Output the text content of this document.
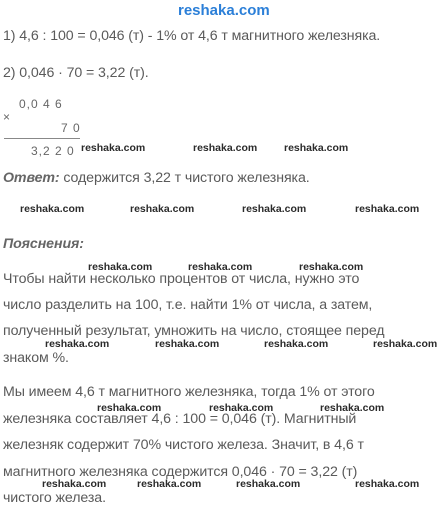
reshaka.com
1) 4,6 : 100 = 0,046 (т) - 1% от 4,6 т магнитного железняка.
2) 0,046 · 70 = 3,22 (т).
0,0 4 6
×
7 0
3,2 2 0 reshaka.com	reshaka.com	reshaka.com
Ответ: содержится 3,22 т чистого железняка.
reshaka.com	reshaka.com	reshaka.com	reshaka.com
Пояснения:
reshaka.com	reshaka.com	reshaka.com
Чтобы найти несколько процентов от числа, нужно это
число разделить на 100, т.е. найти 1% от числа, а затем,
полученный результат, умножить на число, стоящее перед
знаком %.
reshaka.com	reshaka.com	reshaka.com	reshaka.com
Мы имеем 4,6 т магнитного железняка, тогда 1% от этого
железняка составляет 4,6 : 100 = 0,046 (т). Магнитный
железняк содержит 70% чистого железа. Значит, в 4,6 т
магнитного железняка содержится 0,046 · 70 = 3,22 (т)
чистого железа.
reshaka.com	reshaka.com	reshaka.com
reshaka.com	reshaka.com	reshaka.com	reshaka.com
